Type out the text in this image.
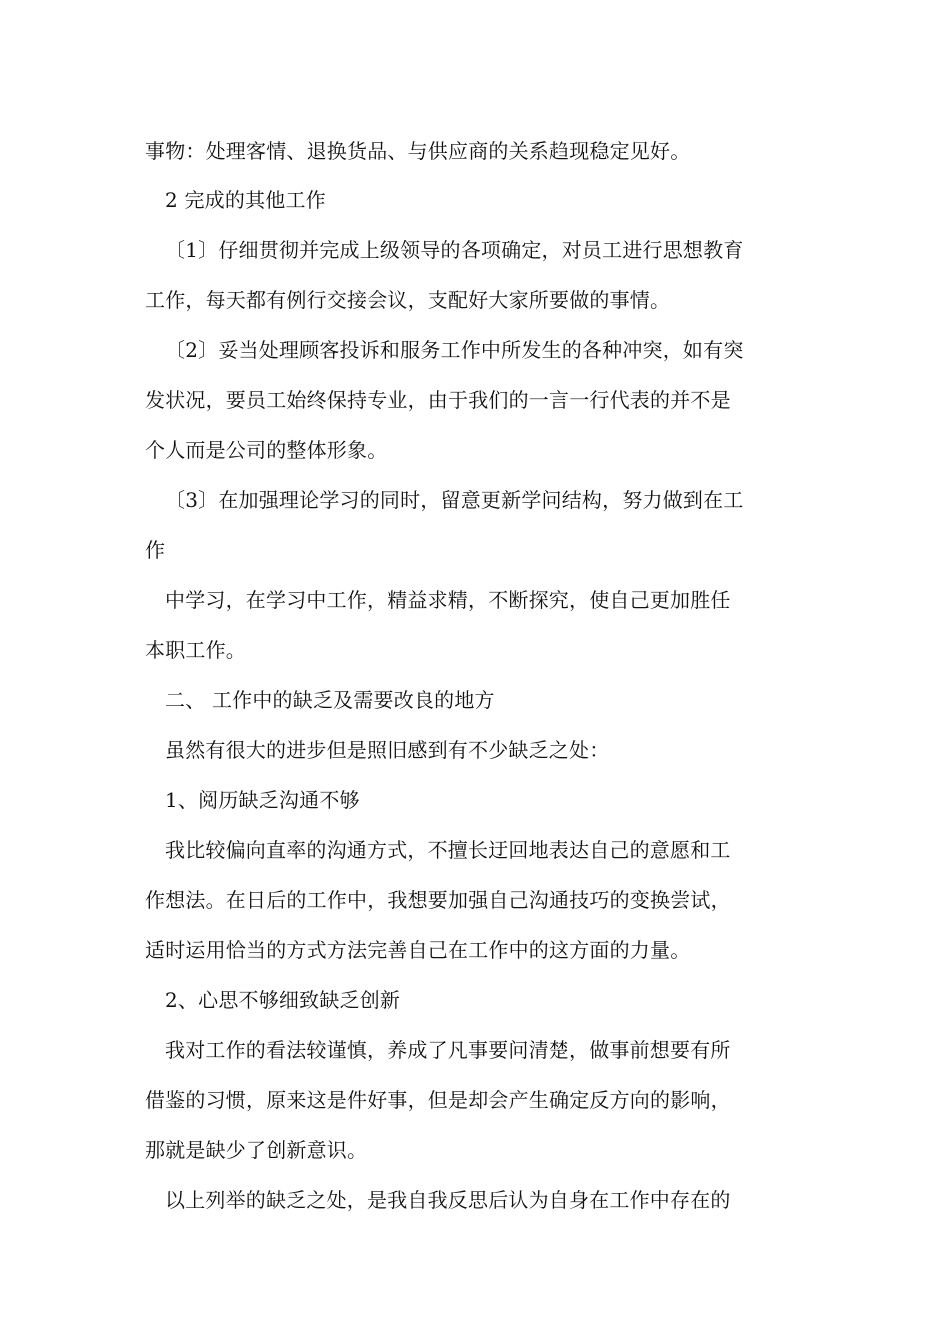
事物：处理客情、退换货品、与供应商的关系趋现稳定见好。
2 完成的其他工作
〔1〕仔细贯彻并完成上级领导的各项确定，对员工进行思想教育
工作，每天都有例行交接会议，支配好大家所要做的事情。
〔2〕妥当处理顾客投诉和服务工作中所发生的各种冲突，如有突
发状况，要员工始终保持专业，由于我们的一言一行代表的并不是
个人而是公司的整体形象。
〔3〕在加强理论学习的同时，留意更新学问结构，努力做到在工
作
中学习，在学习中工作，精益求精，不断探究，使自己更加胜任
本职工作。
二、 工作中的缺乏及需要改良的地方
虽然有很大的进步但是照旧感到有不少缺乏之处：
1、阅历缺乏沟通不够
我比较偏向直率的沟通方式，不擅长迂回地表达自己的意愿和工
作想法。在日后的工作中，我想要加强自己沟通技巧的变换尝试，
适时运用恰当的方式方法完善自己在工作中的这方面的力量。
2、心思不够细致缺乏创新
我对工作的看法较谨慎，养成了凡事要问清楚，做事前想要有所
借鉴的习惯，原来这是件好事，但是却会产生确定反方向的影响，
那就是缺少了创新意识。
以上列举的缺乏之处，是我自我反思后认为自身在工作中存在的
